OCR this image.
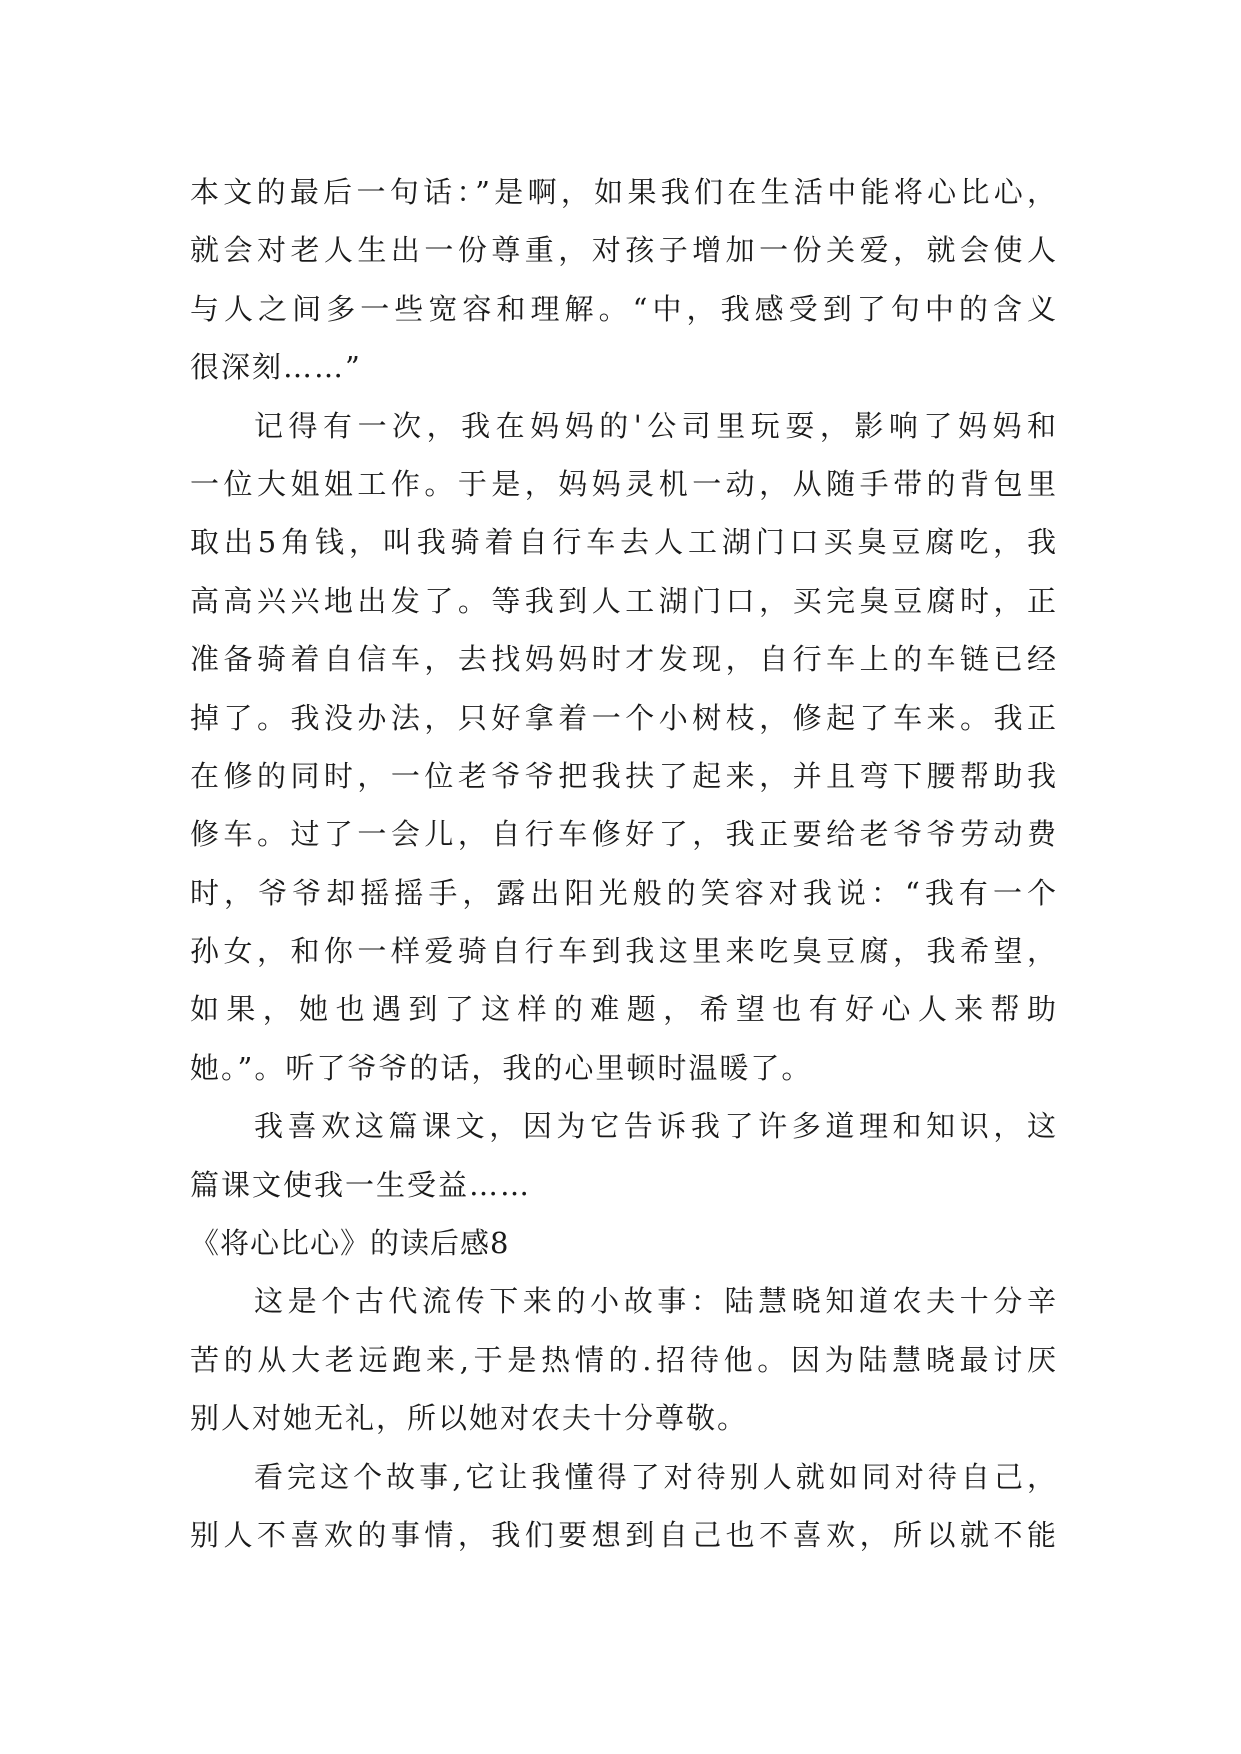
本文的最后一句话：”是啊，如果我们在生活中能将心比心，
就会对老人生出一份尊重，对孩子增加一份关爱，就会使人
与人之间多一些宽容和理解。“中，我感受到了句中的含义
很深刻……”
记得有一次，我在妈妈的'公司里玩耍，影响了妈妈和
一位大姐姐工作。于是，妈妈灵机一动，从随手带的背包里
取出5角钱，叫我骑着自行车去人工湖门口买臭豆腐吃，我
高高兴兴地出发了。等我到人工湖门口，买完臭豆腐时，正
准备骑着自信车，去找妈妈时才发现，自行车上的车链已经
掉了。我没办法，只好拿着一个小树枝，修起了车来。我正
在修的同时，一位老爷爷把我扶了起来，并且弯下腰帮助我
修车。过了一会儿，自行车修好了，我正要给老爷爷劳动费
时，爷爷却摇摇手，露出阳光般的笑容对我说：“我有一个
孙女，和你一样爱骑自行车到我这里来吃臭豆腐，我希望，
如果，她也遇到了这样的难题，希望也有好心人来帮助
她。”。听了爷爷的话，我的心里顿时温暖了。
我喜欢这篇课文，因为它告诉我了许多道理和知识，这
篇课文使我一生受益……
《将心比心》的读后感8
这是个古代流传下来的小故事：陆慧晓知道农夫十分辛
苦的从大老远跑来,于是热情的.招待他。因为陆慧晓最讨厌
别人对她无礼，所以她对农夫十分尊敬。
看完这个故事,它让我懂得了对待别人就如同对待自己，
别人不喜欢的事情，我们要想到自己也不喜欢，所以就不能
